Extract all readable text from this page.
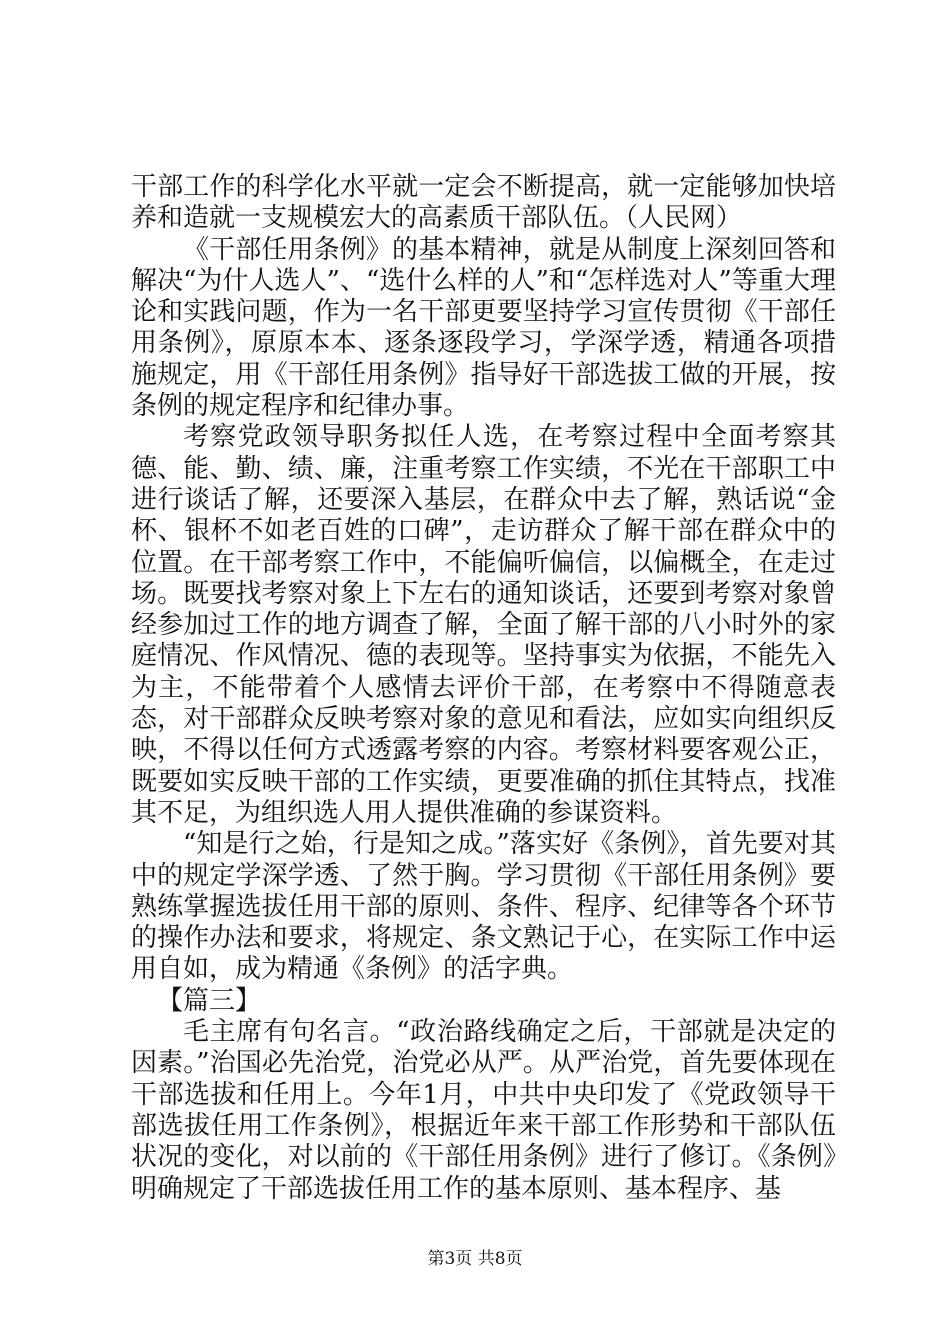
干部工作的科学化水平就一定会不断提高，就一定能够加快培养和造就一支规模宏大的高素质干部队伍。（人民网）

《干部任用条例》的基本精神，就是从制度上深刻回答和解决“为什人选人”、“选什么样的人”和“怎样选对人”等重大理论和实践问题，作为一名干部更要坚持学习宣传贯彻《干部任用条例》，原原本本、逐条逐段学习，学深学透，精通各项措施规定，用《干部任用条例》指导好干部选拔工做的开展，按条例的规定程序和纪律办事。

考察党政领导职务拟任人选，在考察过程中全面考察其德、能、勤、绩、廉，注重考察工作实绩，不光在干部职工中进行谈话了解，还要深入基层，在群众中去了解，熟话说“金杯、银杯不如老百姓的口碑”，走访群众了解干部在群众中的位置。在干部考察工作中，不能偏听偏信，以偏概全，在走过场。既要找考察对象上下左右的通知谈话，还要到考察对象曾经参加过工作的地方调查了解，全面了解干部的八小时外的家庭情况、作风情况、德的表现等。坚持事实为依据，不能先入为主，不能带着个人感情去评价干部，在考察中不得随意表态，对干部群众反映考察对象的意见和看法，应如实向组织反映，不得以任何方式透露考察的内容。考察材料要客观公正，既要如实反映干部的工作实绩，更要准确的抓住其特点，找准其不足，为组织选人用人提供准确的参谋资料。

“知是行之始，行是知之成。”落实好《条例》，首先要对其中的规定学深学透、了然于胸。学习贯彻《干部任用条例》要熟练掌握选拔任用干部的原则、条件、程序、纪律等各个环节的操作办法和要求，将规定、条文熟记于心，在实际工作中运用自如，成为精通《条例》的活字典。

【篇三】

毛主席有句名言。“政治路线确定之后，干部就是决定的因素。”治国必先治党，治党必从严。从严治党，首先要体现在干部选拔和任用上。今年1月，中共中央印发了《党政领导干部选拔任用工作条例》，根据近年来干部工作形势和干部队伍状况的变化，对以前的《干部任用条例》进行了修订。《条例》明确规定了干部选拔任用工作的基本原则、基本程序、基

第3页 共8页
